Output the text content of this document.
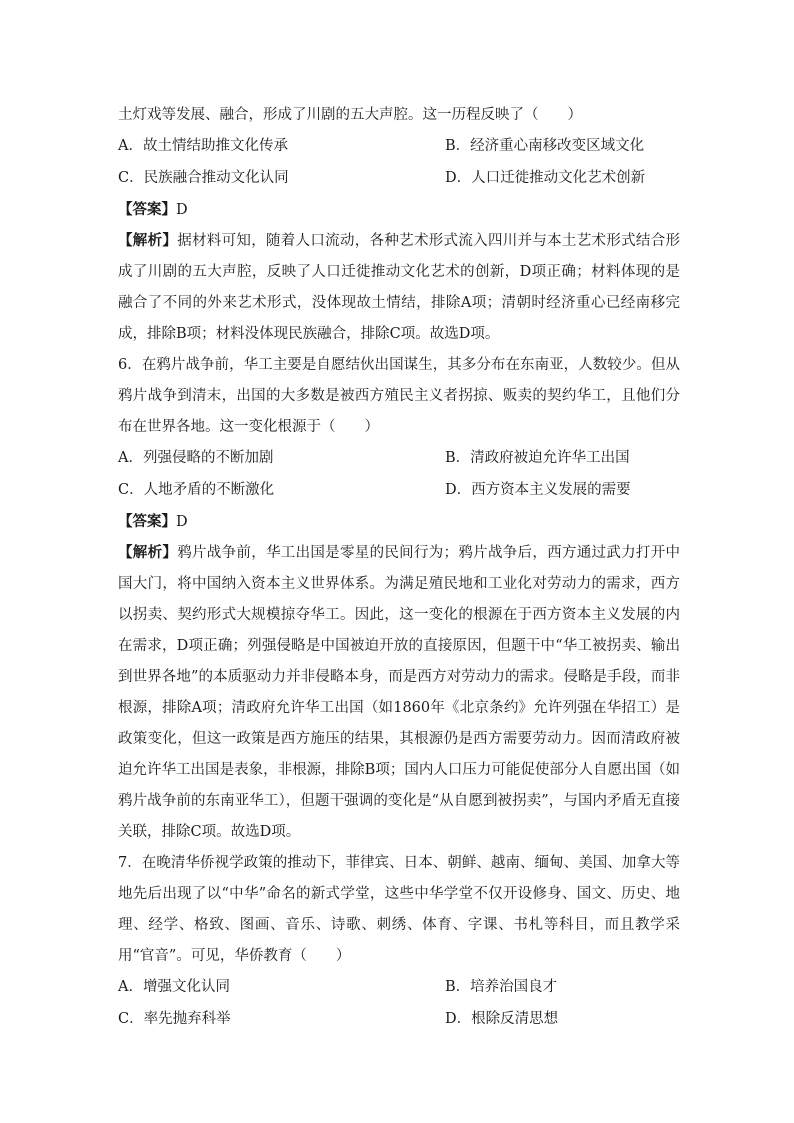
土灯戏等发展、融合，形成了川剧的五大声腔。这一历程反映了（　　）
A．故土情结助推文化传承	B．经济重心南移改变区域文化
C．民族融合推动文化认同	D．人口迁徙推动文化艺术创新
【答案】D
【解析】据材料可知，随着人口流动，各种艺术形式流入四川并与本土艺术形式结合形成了川剧的五大声腔，反映了人口迁徙推动文化艺术的创新，D项正确；材料体现的是融合了不同的外来艺术形式，没体现故土情结，排除A项；清朝时经济重心已经南移完成，排除B项；材料没体现民族融合，排除C项。故选D项。
6．在鸦片战争前，华工主要是自愿结伙出国谋生，其多分布在东南亚，人数较少。但从鸦片战争到清末，出国的大多数是被西方殖民主义者拐掠、贩卖的契约华工，且他们分布在世界各地。这一变化根源于（　　）
A．列强侵略的不断加剧	B．清政府被迫允许华工出国
C．人地矛盾的不断激化	D．西方资本主义发展的需要
【答案】D
【解析】鸦片战争前，华工出国是零星的民间行为；鸦片战争后，西方通过武力打开中国大门，将中国纳入资本主义世界体系。为满足殖民地和工业化对劳动力的需求，西方以拐卖、契约形式大规模掠夺华工。因此，这一变化的根源在于西方资本主义发展的内在需求，D项正确；列强侵略是中国被迫开放的直接原因，但题干中“华工被拐卖、输出到世界各地”的本质驱动力并非侵略本身，而是西方对劳动力的需求。侵略是手段，而非根源，排除A项；清政府允许华工出国（如1860年《北京条约》允许列强在华招工）是政策变化，但这一政策是西方施压的结果，其根源仍是西方需要劳动力。因而清政府被迫允许华工出国是表象，非根源，排除B项；国内人口压力可能促使部分人自愿出国（如鸦片战争前的东南亚华工），但题干强调的变化是“从自愿到被拐卖”，与国内矛盾无直接关联，排除C项。故选D项。
7．在晚清华侨视学政策的推动下，菲律宾、日本、朝鲜、越南、缅甸、美国、加拿大等地先后出现了以“中华”命名的新式学堂，这些中华学堂不仅开设修身、国文、历史、地理、经学、格致、图画、音乐、诗歌、刺绣、体育、字课、书札等科目，而且教学采用“官音”。可见，华侨教育（　　）
A．增强文化认同	B．培养治国良才
C．率先抛弃科举	D．根除反清思想
